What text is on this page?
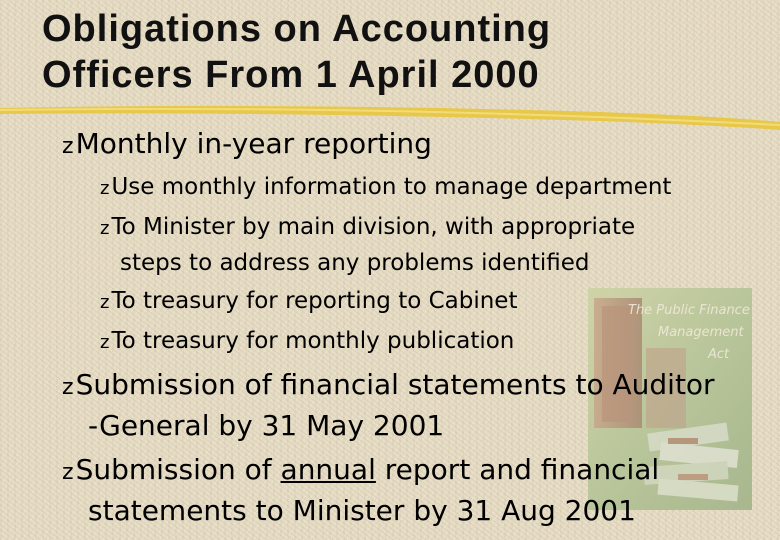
Obligations on Accounting
Officers From 1 April 2000
The Public Finance
Management
Act

zMonthly in-year reporting

zUse monthly information to manage department

zTo Minister by main division, with appropriate
steps to address any problems identified

zTo treasury for reporting to Cabinet

zTo treasury for monthly publication

zSubmission of financial statements to Auditor
-General by 31 May 2001

zSubmission of annual report and financial
statements to Minister by 31 Aug 2001
